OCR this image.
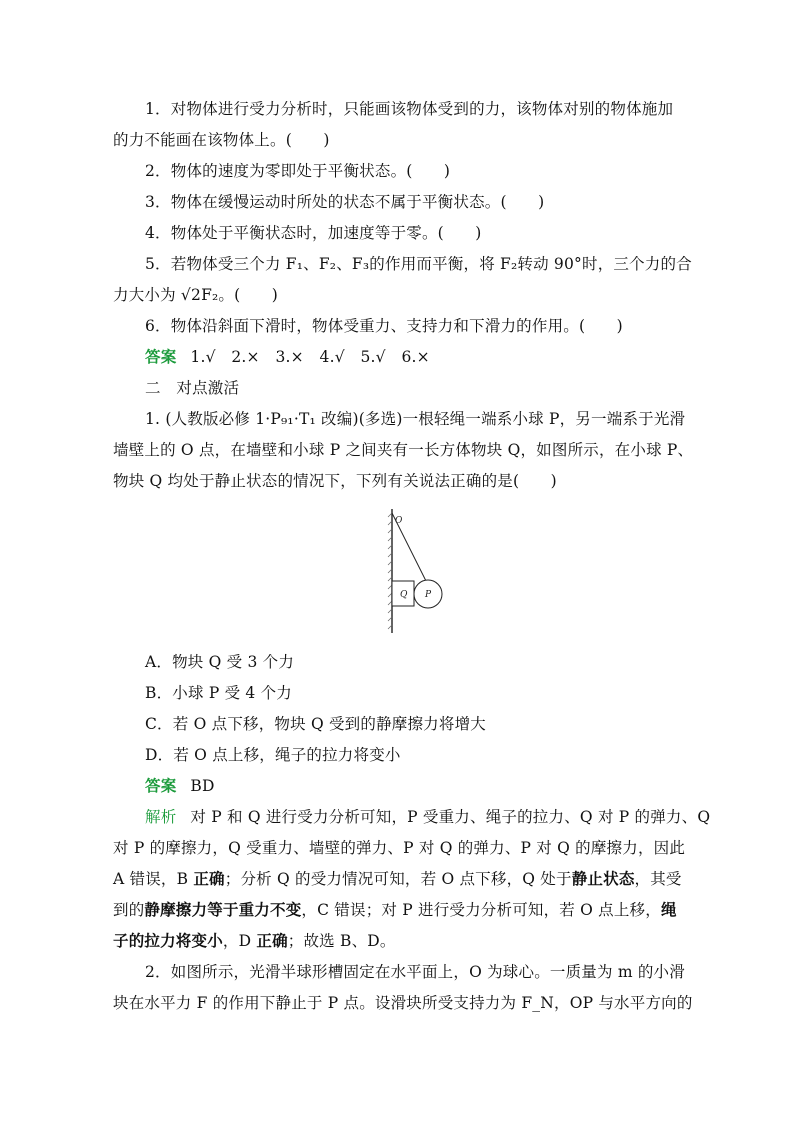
1．对物体进行受力分析时，只能画该物体受到的力，该物体对别的物体施加
的力不能画在该物体上。(　　)
2．物体的速度为零即处于平衡状态。(　　)
3．物体在缓慢运动时所处的状态不属于平衡状态。(　　)
4．物体处于平衡状态时，加速度等于零。(　　)
5．若物体受三个力 F₁、F₂、F₃的作用而平衡，将 F₂转动 90°时，三个力的合
力大小为 √2F₂。(　　)
6．物体沿斜面下滑时，物体受重力、支持力和下滑力的作用。(　　)
答案 1.√　2.×　3.×　4.√　5.√　6.×
二　对点激活
1. (人教版必修 1·P₉₁·T₁ 改编)(多选)一根轻绳一端系小球 P，另一端系于光滑
墙壁上的 O 点，在墙壁和小球 P 之间夹有一长方体物块 Q，如图所示，在小球 P、
物块 Q 均处于静止状态的情况下，下列有关说法正确的是(　　)
O
Q P
A．物块 Q 受 3 个力
B．小球 P 受 4 个力
C．若 O 点下移，物块 Q 受到的静摩擦力将增大
D．若 O 点上移，绳子的拉力将变小
答案 BD
解析 对 P 和 Q 进行受力分析可知，P 受重力、绳子的拉力、Q 对 P 的弹力、Q
对 P 的摩擦力，Q 受重力、墙壁的弹力、P 对 Q 的弹力、P 对 Q 的摩擦力，因此
A 错误，B 正确；分析 Q 的受力情况可知，若 O 点下移，Q 处于静止状态，其受
到的静摩擦力等于重力不变，C 错误；对 P 进行受力分析可知，若 O 点上移，绳
子的拉力将变小，D 正确；故选 B、D。
2．如图所示，光滑半球形槽固定在水平面上，O 为球心。一质量为 m 的小滑
块在水平力 F 的作用下静止于 P 点。设滑块所受支持力为 F_N，OP 与水平方向的
